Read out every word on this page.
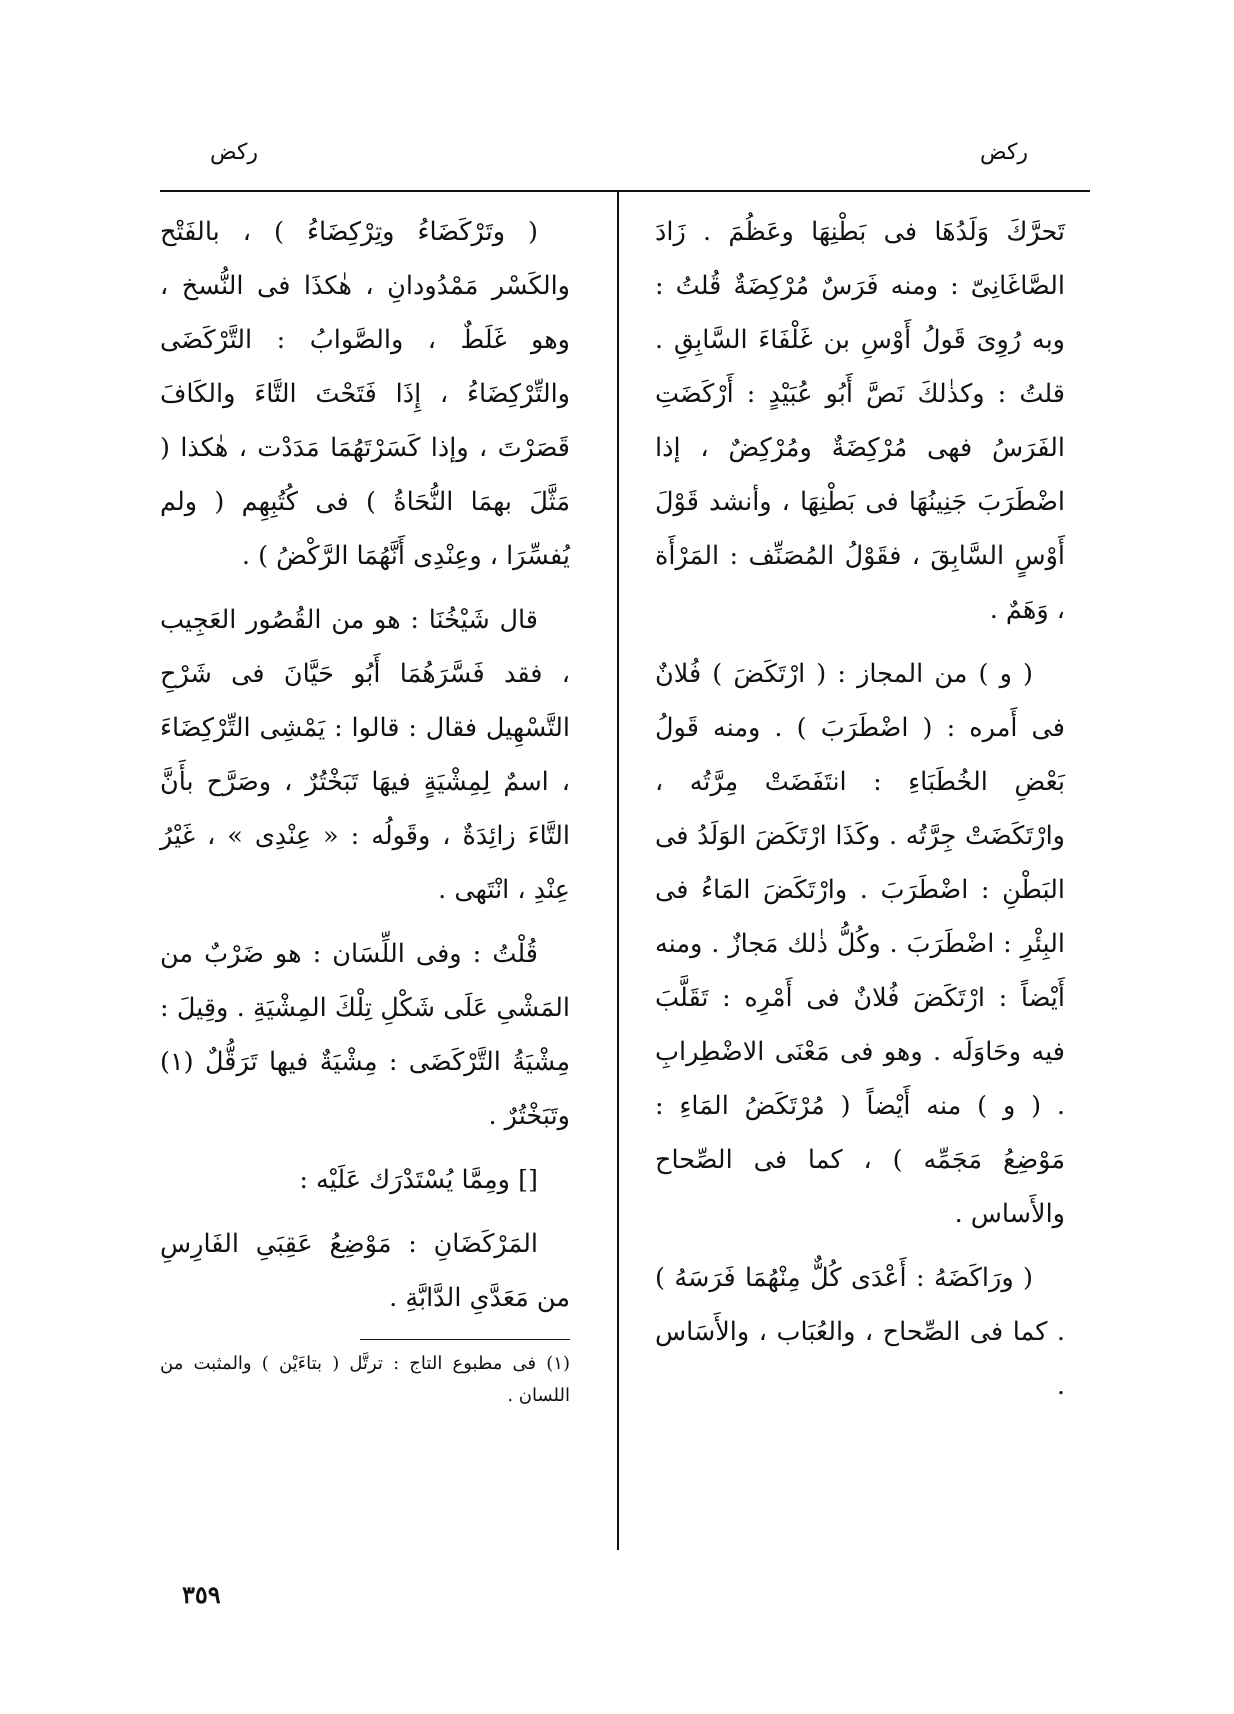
ركض	ركض

تَحرَّكَ وَلَدُهَا فى بَطْنِهَا وعَظُمَ . زَادَ الصَّاغَانِىّ : ومنه فَرَسٌ مُرْكِضَةٌ قُلتُ : وبه رُوِىَ قَولُ أَوْسِ بن غَلْفَاءَ السَّابِقِ . قلتُ : وكذٰلكَ نَصَّ أَبُو عُبَيْدٍ : أَرْكَضَتِ الفَرَسُ فهى مُرْكِضَةٌ ومُرْكِضٌ ، إذا اضْطَرَبَ جَنِينُهَا فى بَطْنِهَا ، وأنشد قَوْلَ أَوْسٍ السَّابِقَ ، فقَوْلُ المُصَنِّف : المَرْأَة ، وَهَمٌ .

( و ) من المجاز : ( ارْتَكَضَ ) فُلانٌ فى أَمره : ( اضْطَرَبَ ) . ومنه قَولُ بَعْضِ الخُطَبَاءِ : انتَفَضَتْ مِرَّتُه ، وارْتَكَضَتْ جِرَّتُه . وكَذَا ارْتَكَضَ الوَلَدُ فى البَطْنِ : اضْطَرَبَ . وارْتَكَضَ المَاءُ فى البِئْرِ : اضْطَرَبَ . وكُلُّ ذٰلك مَجازٌ . ومنه أَيْضاً : ارْتَكَضَ فُلانٌ فى أَمْرِه : تَقَلَّبَ فيه وحَاوَلَه . وهو فى مَعْنَى الاضْطِرابِ . ( و ) منه أَيْضاً ( مُرْتَكَضُ المَاءِ : مَوْضِعُ مَجَمِّه ) ، كما فى الصِّحاح والأَساس .

( ورَاكَضَهُ : أَعْدَى كُلٌّ مِنْهُمَا فَرَسَهُ ) . كما فى الصِّحاح ، والعُبَاب ، والأَسَاس .

( وتَرْكَضَاءُ وتِرْكِضَاءُ ) ، بالفَتْح والكَسْر مَمْدُودانِ ، هٰكذَا فى النُّسخ ، وهو غَلَطٌ ، والصَّوابُ : التَّرْكَضَى والتِّرْكِضَاءُ ، إِذَا فَتَحْتَ التَّاءَ والكَافَ قَصَرْتَ ، وإذا كَسَرْتَهُمَا مَدَدْت ، هٰكذا ( مَثَّلَ بهمَا النُّحَاةُ ) فى كُتُبِهِم ( ولم يُفسِّرَا ، وعِنْدِى أَنَّهُمَا الرَّكْضُ ) .

قال شَيْخُنَا : هو من القُصُور العَجِيب ، فقد فَسَّرَهُمَا أَبُو حَيَّانَ فى شَرْحِ التَّسْهِيل فقال : قالوا : يَمْشِى التِّرْكِضَاءَ ، اسمٌ لِمِشْيَةٍ فيهَا تَبَخْتُرٌ ، وصَرَّح بأَنَّ التَّاءَ زائِدَةٌ ، وقَولُه : « عِنْدِى » ، غَيْرُ عِنْدِ ، انْتَهى .

قُلْتُ : وفى اللِّسَان : هو ضَرْبٌ من المَشْىِ عَلَى شَكْلِ تِلْكَ المِشْيَةِ . وقِيلَ : مِشْيَةُ التَّرْكَضَى : مِشْيَةٌ فيها تَرَقُّلٌ (١) وتَبَخْتُرٌ .

[] ومِمَّا يُسْتَدْرَك عَلَيْه :

المَرْكَضَانِ : مَوْضِعُ عَقِبَىِ الفَارِسِ من مَعَدَّىِ الدَّابَّةِ .

(١) فى مطبوع التاج : ترتَّل ( بتاءَيْن ) والمثبت من اللسان .
٣٥٩
